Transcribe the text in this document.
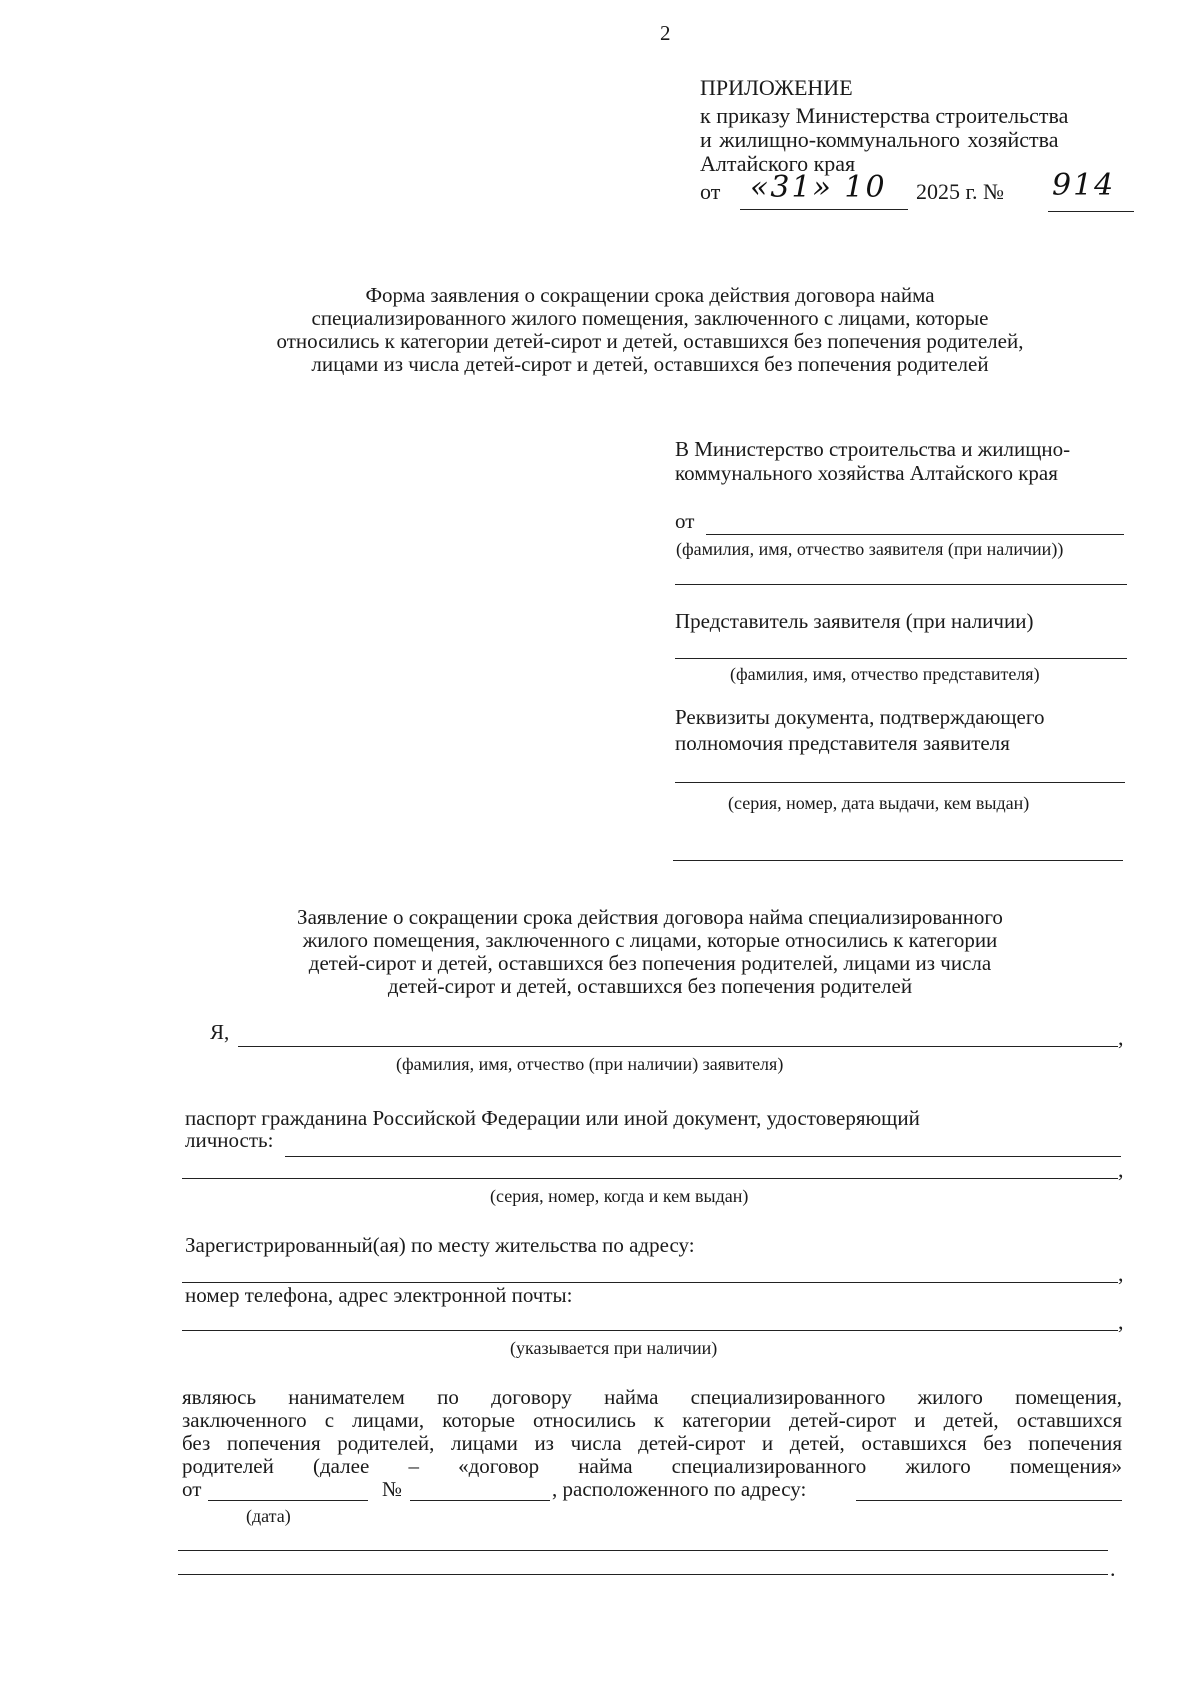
2
ПРИЛОЖЕНИЕ
к приказу Министерства строительства
и жилищно-коммунального хозяйства
Алтайского края
от «31» 10 2025 г. № 914
Форма заявления о сокращении срока действия договора найма
специализированного жилого помещения, заключенного с лицами, которые
относились к категории детей-сирот и детей, оставшихся без попечения родителей,
лицами из числа детей-сирот и детей, оставшихся без попечения родителей
В Министерство строительства и жилищно-
коммунального хозяйства Алтайского края
от
(фамилия, имя, отчество заявителя (при наличии))
Представитель заявителя (при наличии)
(фамилия, имя, отчество представителя)
Реквизиты документа, подтверждающего
полномочия представителя заявителя
(серия, номер, дата выдачи, кем выдан)
Заявление о сокращении срока действия договора найма специализированного
жилого помещения, заключенного с лицами, которые относились к категории
детей-сирот и детей, оставшихся без попечения родителей, лицами из числа
детей-сирот и детей, оставшихся без попечения родителей
Я,	,
(фамилия, имя, отчество (при наличии) заявителя)
паспорт гражданина Российской Федерации или иной документ, удостоверяющий
личность:
,
(серия, номер, когда и кем выдан)
Зарегистрированный(ая) по месту жительства по адресу:
,
номер телефона, адрес электронной почты:
,
(указывается при наличии)
являюсь нанимателем по договору найма специализированного жилого помещения,
заключенного с лицами, которые относились к категории детей-сирот и детей, оставшихся
без попечения родителей, лицами из числа детей-сирот и детей, оставшихся без попечения
родителей (далее – «договор найма специализированного жилого помещения»
от	№	, расположенного по адресу:
(дата)
.
